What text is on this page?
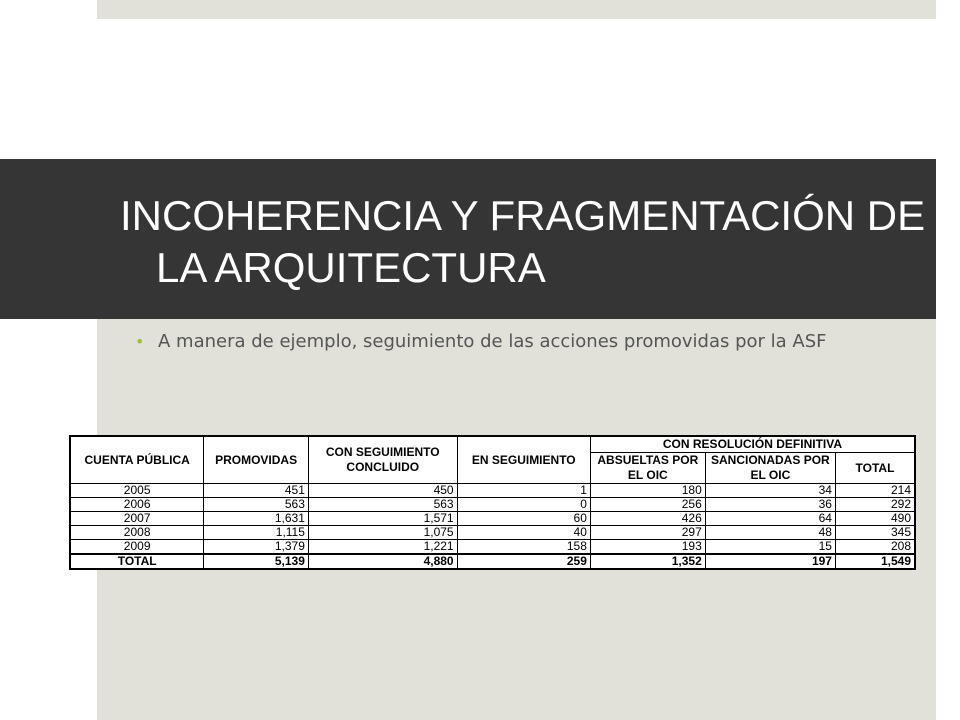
INCOHERENCIA Y FRAGMENTACIÓN DE LA ARQUITECTURA
• A manera de ejemplo, seguimiento de las acciones promovidas por la ASF
CUENTA PÚBLICA	PROMOVIDAS	CON SEGUIMIENTO CONCLUIDO	EN SEGUIMIENTO	CON RESOLUCIÓN DEFINITIVA		
				ABSUELTAS POR EL OIC	SANCIONADAS POR EL OIC	TOTAL
2005	451	450	1	180	34	214
2006	563	563	0	256	36	292
2007	1,631	1,571	60	426	64	490
2008	1,115	1,075	40	297	48	345
2009	1,379	1,221	158	193	15	208
TOTAL	5,139	4,880	259	1,352	197	1,549
